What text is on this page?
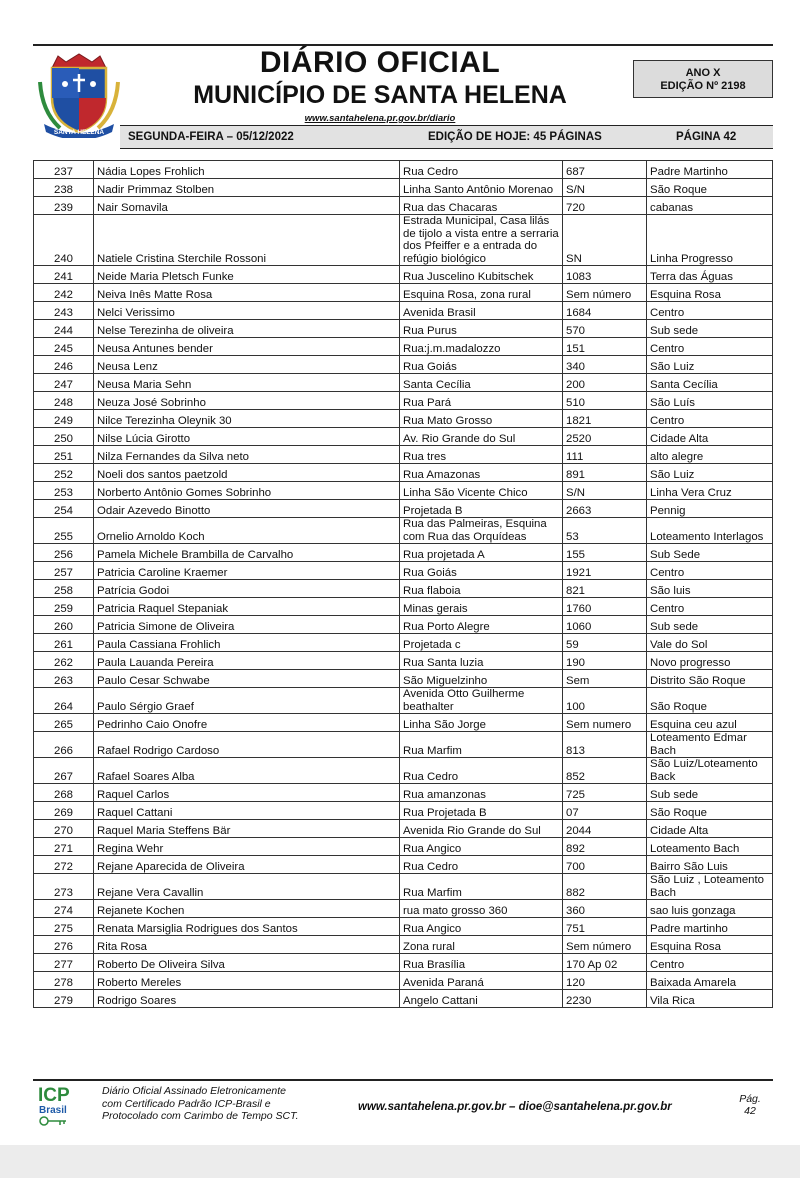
SANTA HELENA
DIÁRIO OFICIAL
MUNICÍPIO DE SANTA HELENA
www.santahelena.pr.gov.br/diario
ANO X
EDIÇÃO Nº 2198
SEGUNDA-FEIRA – 05/12/2022	EDIÇÃO DE HOJE: 45 PÁGINAS	PÁGINA 42
237	Nádia Lopes Frohlich	Rua Cedro	687	Padre Martinho
238	Nadir Primmaz Stolben	Linha Santo Antônio Morenao	S/N	São Roque
239	Nair Somavila	Rua das Chacaras	720	cabanas
240	Natiele Cristina Sterchile Rossoni	Estrada Municipal, Casa lilás de tijolo a vista entre a serraria dos Pfeiffer e a entrada do refúgio biológico	SN	Linha Progresso
241	Neide Maria Pletsch Funke	Rua Juscelino Kubitschek	1083	Terra das Águas
242	Neiva Inês Matte Rosa	Esquina Rosa, zona rural	Sem número	Esquina Rosa
243	Nelci Verissimo	Avenida Brasil	1684	Centro
244	Nelse Terezinha de oliveira	Rua Purus	570	Sub sede
245	Neusa Antunes bender	Rua:j.m.madalozzo	151	Centro
246	Neusa Lenz	Rua Goiás	340	São Luiz
247	Neusa Maria Sehn	Santa Cecília	200	Santa Cecília
248	Neuza José Sobrinho	Rua Pará	510	São Luís
249	Nilce Terezinha Oleynik 30	Rua Mato Grosso	1821	Centro
250	Nilse Lúcia Girotto	Av. Rio Grande do Sul	2520	Cidade Alta
251	Nilza Fernandes da Silva neto	Rua tres	111	alto alegre
252	Noeli dos santos paetzold	Rua Amazonas	891	São Luiz
253	Norberto Antônio Gomes Sobrinho	Linha São Vicente Chico	S/N	Linha Vera Cruz
254	Odair Azevedo Binotto	Projetada B	2663	Pennig
255	Ornelio Arnoldo Koch	Rua das Palmeiras, Esquina com Rua das Orquídeas	53	Loteamento Interlagos
256	Pamela Michele Brambilla de Carvalho	Rua projetada A	155	Sub Sede
257	Patricia Caroline Kraemer	Rua Goiás	1921	Centro
258	Patrícia Godoi	Rua flaboia	821	São luis
259	Patricia Raquel Stepaniak	Minas gerais	1760	Centro
260	Patricia Simone de Oliveira	Rua Porto Alegre	1060	Sub sede
261	Paula Cassiana Frohlich	Projetada c	59	Vale do Sol
262	Paula Lauanda Pereira	Rua Santa luzia	190	Novo progresso
263	Paulo Cesar Schwabe	São Miguelzinho	Sem	Distrito São Roque
264	Paulo Sérgio Graef	Avenida Otto Guilherme beathalter	100	São Roque
265	Pedrinho Caio Onofre	Linha São Jorge	Sem numero	Esquina ceu azul
266	Rafael Rodrigo Cardoso	Rua Marfim	813	Loteamento Edmar Bach
267	Rafael Soares Alba	Rua Cedro	852	São Luiz/Loteamento Back
268	Raquel Carlos	Rua amanzonas	725	Sub sede
269	Raquel Cattani	Rua Projetada B	07	São Roque
270	Raquel Maria Steffens Bär	Avenida Rio Grande do Sul	2044	Cidade Alta
271	Regina Wehr	Rua Angico	892	Loteamento Bach
272	Rejane Aparecida de Oliveira	Rua Cedro	700	Bairro São Luis
273	Rejane Vera Cavallin	Rua Marfim	882	São Luiz , Loteamento Bach
274	Rejanete Kochen	rua mato grosso 360	360	sao luis gonzaga
275	Renata Marsiglia Rodrigues dos Santos	Rua Angico	751	Padre martinho
276	Rita Rosa	Zona rural	Sem número	Esquina Rosa
277	Roberto De Oliveira Silva	Rua Brasília	170 Ap 02	Centro
278	Roberto Mereles	Avenida Paraná	120	Baixada Amarela
279	Rodrigo Soares	Angelo Cattani	2230	Vila Rica
ICP
Brasil
Diário Oficial Assinado Eletronicamente
com Certificado Padrão ICP-Brasil e
Protocolado com Carimbo de Tempo SCT.
www.santahelena.pr.gov.br – dioe@santahelena.pr.gov.br
Pág.
42
